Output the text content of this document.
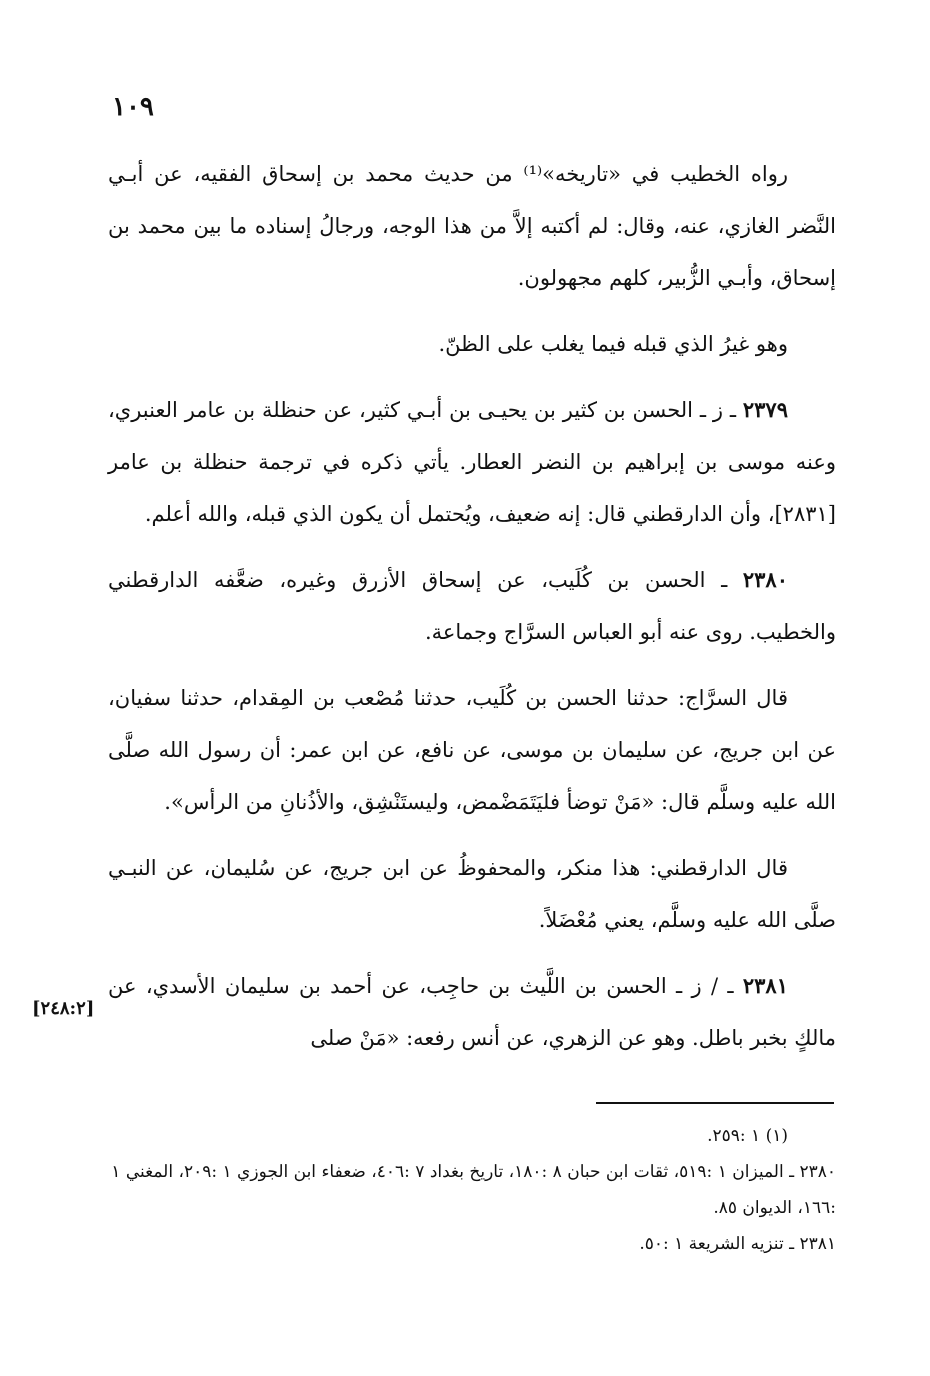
١٠٩

رواه الخطيب في «تاريخه»⁽¹⁾ من حديث محمد بن إسحاق الفقيه، عن أبـي النَّضر الغازي، عنه، وقال: لم أكتبه إلاَّ من هذا الوجه، ورجالُ إسناده ما بين محمد بن إسحاق، وأبـي الزُّبير، كلهم مجهولون.

وهو غيرُ الذي قبله فيما يغلب على الظنّ.

٢٣٧٩ ـ ز ـ الحسن بن كثير بن يحيـى بن أبـي كثير، عن حنظلة بن عامر العنبري، وعنه موسى بن إبراهيم بن النضر العطار. يأتي ذكره في ترجمة حنظلة بن عامر [٢٨٣١]، وأن الدارقطني قال: إنه ضعيف، ويُحتمل أن يكون الذي قبله، والله أعلم.

٢٣٨٠ ـ الحسن بن كُلَيب، عن إسحاق الأزرق وغيره، ضعَّفه الدارقطني والخطيب. روى عنه أبو العباس السرَّاج وجماعة.

قال السرَّاج: حدثنا الحسن بن كُلَيب، حدثنا مُصْعب بن المِقدام، حدثنا سفيان، عن ابن جريج، عن سليمان بن موسى، عن نافع، عن ابن عمر: أن رسول الله صلَّى الله عليه وسلَّم قال: «مَنْ توضأ فليَتَمَضْمض، وليستَنْشِق، والأذُنانِ من الرأس».

قال الدارقطني: هذا منكر، والمحفوظُ عن ابن جريج، عن سُليمان، عن النبـي صلَّى الله عليه وسلَّم، يعني مُعْضَلاً.

٢٣٨١ ـ / ز ـ الحسن بن اللَّيث بن حاجِب، عن أحمد بن سليمان الأسدي، عن مالكٍ بخبر باطل. وهو عن الزهري، عن أنس رفعه: «مَنْ صلى

[٢٤٨:٢]

(١) ١ :٢٥٩.

٢٣٨٠ ـ الميزان ١ :٥١٩، ثقات ابن حبان ٨ :١٨٠، تاريخ بغداد ٧ :٤٠٦، ضعفاء ابن الجوزي ١ :٢٠٩، المغني ١ :١٦٦، الديوان ٨٥.

٢٣٨١ ـ تنزيه الشريعة ١ :٥٠.
